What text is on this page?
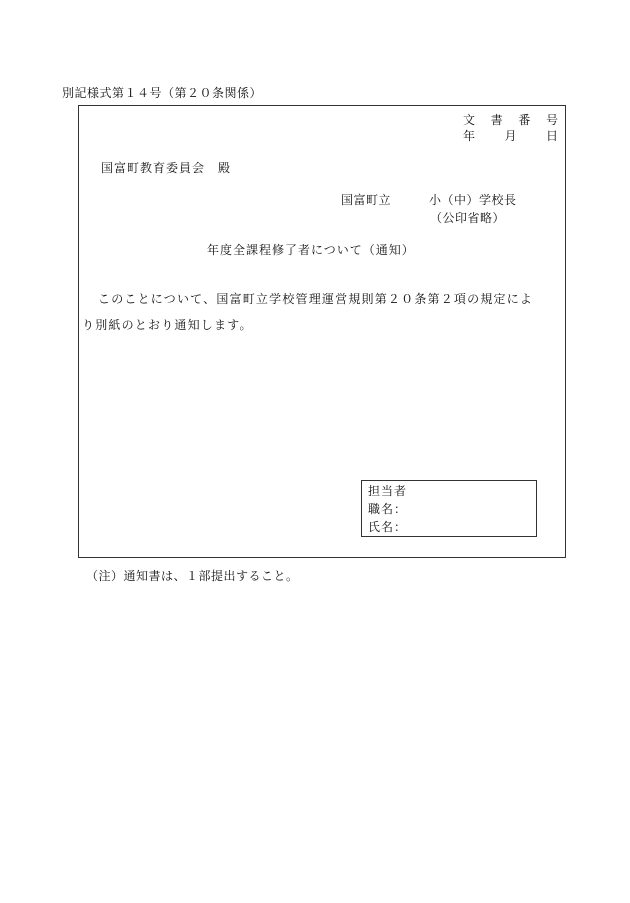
別記様式第１４号（第２０条関係）
文 書 番 号
年 月 日
国富町教育委員会　殿
国富町立	小（中）学校長
（公印省略）
年度全課程修了者について（通知）
このことについて、国富町立学校管理運営規則第２０条第２項の規定によ
り別紙のとおり通知します。
担当者
職名：
氏名：
（注）通知書は、１部提出すること。
